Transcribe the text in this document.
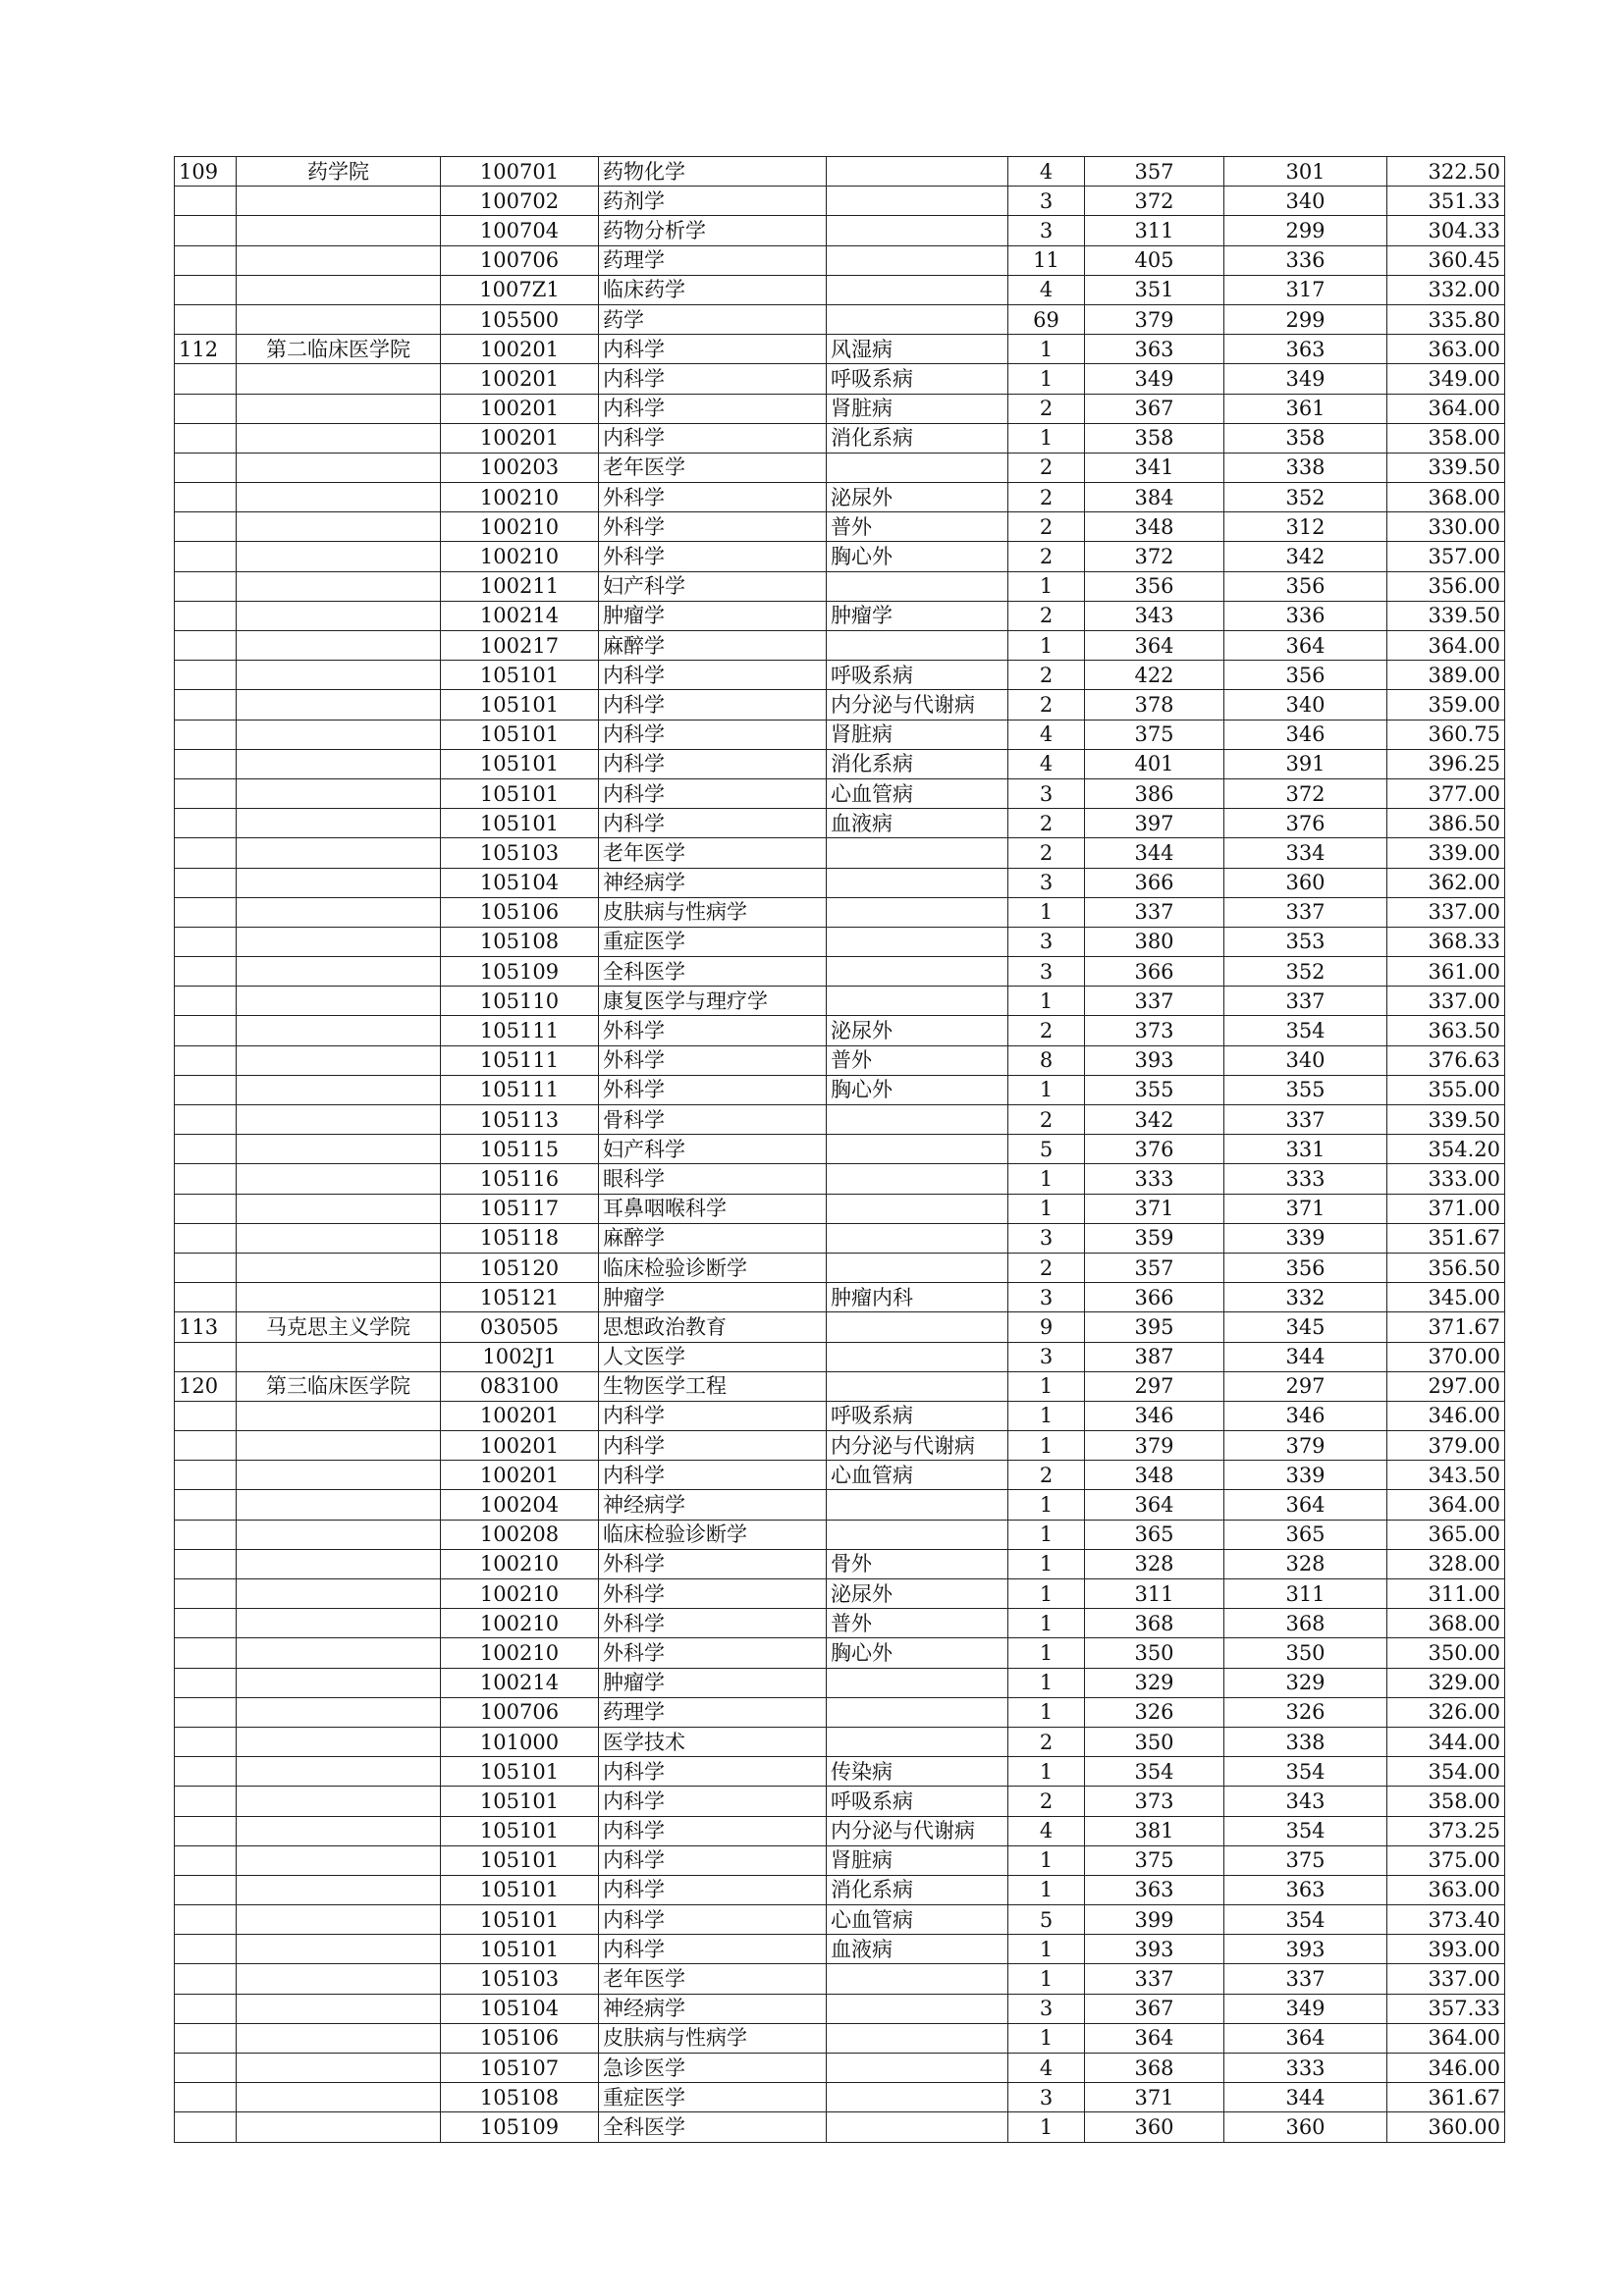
109	药学院	100701	药物化学		4	357	301	322.50
		100702	药剂学		3	372	340	351.33
		100704	药物分析学		3	311	299	304.33
		100706	药理学		11	405	336	360.45
		1007Z1	临床药学		4	351	317	332.00
		105500	药学		69	379	299	335.80
112	第二临床医学院	100201	内科学	风湿病	1	363	363	363.00
		100201	内科学	呼吸系病	1	349	349	349.00
		100201	内科学	肾脏病	2	367	361	364.00
		100201	内科学	消化系病	1	358	358	358.00
		100203	老年医学		2	341	338	339.50
		100210	外科学	泌尿外	2	384	352	368.00
		100210	外科学	普外	2	348	312	330.00
		100210	外科学	胸心外	2	372	342	357.00
		100211	妇产科学		1	356	356	356.00
		100214	肿瘤学	肿瘤学	2	343	336	339.50
		100217	麻醉学		1	364	364	364.00
		105101	内科学	呼吸系病	2	422	356	389.00
		105101	内科学	内分泌与代谢病	2	378	340	359.00
		105101	内科学	肾脏病	4	375	346	360.75
		105101	内科学	消化系病	4	401	391	396.25
		105101	内科学	心血管病	3	386	372	377.00
		105101	内科学	血液病	2	397	376	386.50
		105103	老年医学		2	344	334	339.00
		105104	神经病学		3	366	360	362.00
		105106	皮肤病与性病学		1	337	337	337.00
		105108	重症医学		3	380	353	368.33
		105109	全科医学		3	366	352	361.00
		105110	康复医学与理疗学		1	337	337	337.00
		105111	外科学	泌尿外	2	373	354	363.50
		105111	外科学	普外	8	393	340	376.63
		105111	外科学	胸心外	1	355	355	355.00
		105113	骨科学		2	342	337	339.50
		105115	妇产科学		5	376	331	354.20
		105116	眼科学		1	333	333	333.00
		105117	耳鼻咽喉科学		1	371	371	371.00
		105118	麻醉学		3	359	339	351.67
		105120	临床检验诊断学		2	357	356	356.50
		105121	肿瘤学	肿瘤内科	3	366	332	345.00
113	马克思主义学院	030505	思想政治教育		9	395	345	371.67
		1002J1	人文医学		3	387	344	370.00
120	第三临床医学院	083100	生物医学工程		1	297	297	297.00
		100201	内科学	呼吸系病	1	346	346	346.00
		100201	内科学	内分泌与代谢病	1	379	379	379.00
		100201	内科学	心血管病	2	348	339	343.50
		100204	神经病学		1	364	364	364.00
		100208	临床检验诊断学		1	365	365	365.00
		100210	外科学	骨外	1	328	328	328.00
		100210	外科学	泌尿外	1	311	311	311.00
		100210	外科学	普外	1	368	368	368.00
		100210	外科学	胸心外	1	350	350	350.00
		100214	肿瘤学		1	329	329	329.00
		100706	药理学		1	326	326	326.00
		101000	医学技术		2	350	338	344.00
		105101	内科学	传染病	1	354	354	354.00
		105101	内科学	呼吸系病	2	373	343	358.00
		105101	内科学	内分泌与代谢病	4	381	354	373.25
		105101	内科学	肾脏病	1	375	375	375.00
		105101	内科学	消化系病	1	363	363	363.00
		105101	内科学	心血管病	5	399	354	373.40
		105101	内科学	血液病	1	393	393	393.00
		105103	老年医学		1	337	337	337.00
		105104	神经病学		3	367	349	357.33
		105106	皮肤病与性病学		1	364	364	364.00
		105107	急诊医学		4	368	333	346.00
		105108	重症医学		3	371	344	361.67
		105109	全科医学		1	360	360	360.00
